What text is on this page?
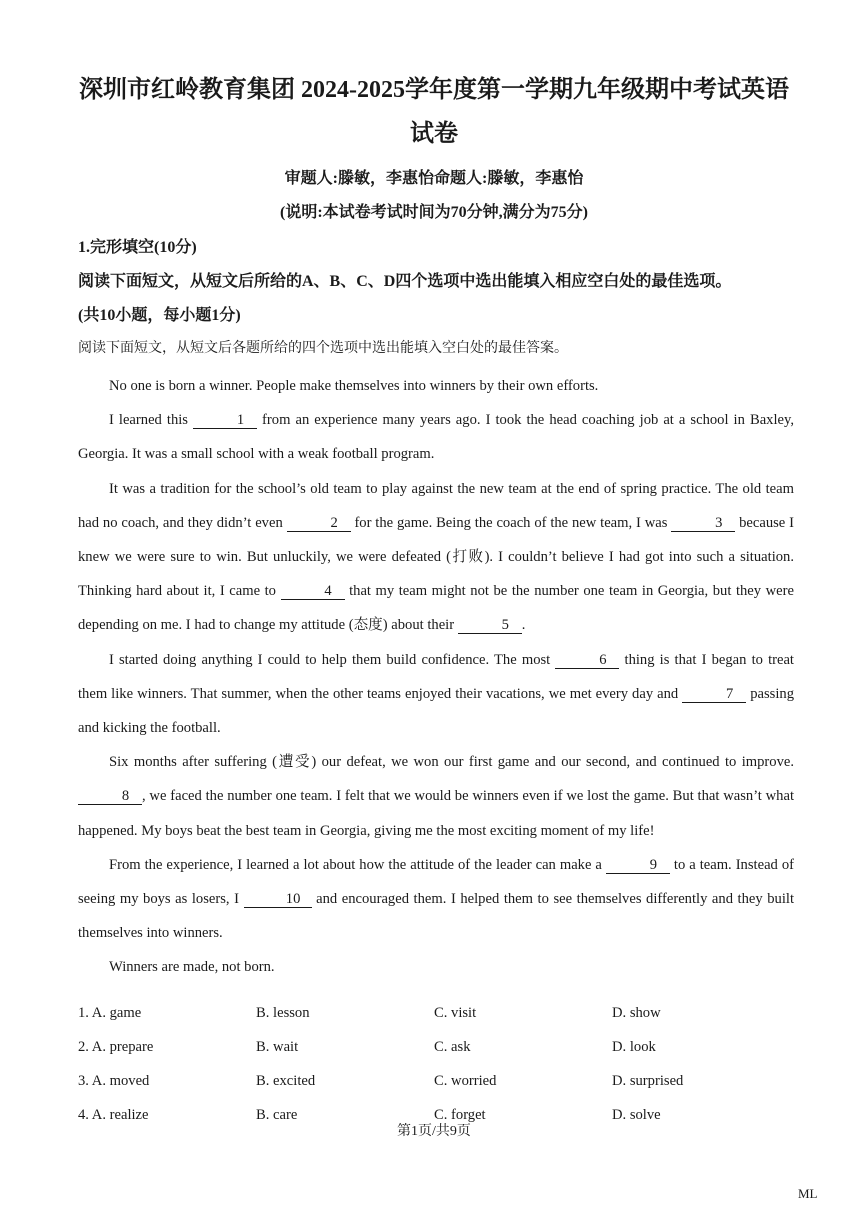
深圳市红岭教育集团 2024-2025学年度第一学期九年级期中考试英语
试卷
审题人:滕敏，李惠怡命题人:滕敏，李惠怡
(说明:本试卷考试时间为70分钟,满分为75分)
1.完形填空(10分)
阅读下面短文，从短文后所给的A、B、C、D四个选项中选出能填入相应空白处的最佳选项。
(共10小题，每小题1分)
阅读下面短文，从短文后各题所给的四个选项中选出能填入空白处的最佳答案。

No one is born a winner. People make themselves into winners by their own efforts.

I learned this	1 from an experience many years ago. I took the head coaching job at a school in Baxley, Georgia. It was a small school with a weak football program.

It was a tradition for the school’s old team to play against the new team at the end of spring practice. The old team had no coach, and they didn’t even	2 for the game. Being the coach of the new team, I was	3 because I knew we were sure to win. But unluckily, we were defeated (打败). I couldn’t believe I had got into such a situation. Thinking hard about it, I came to	4 that my team might not be the number one team in Georgia, but they were depending on me. I had to change my attitude (态度) about their	5 .

I started doing anything I could to help them build confidence. The most	6 thing is that I began to treat them like winners. That summer, when the other teams enjoyed their vacations, we met every day and	7 passing and kicking the football.

Six months after suffering (遭受) our defeat, we won our first game and our second, and continued to improve. 8 , we faced the number one team. I felt that we would be winners even if we lost the game. But that wasn’t what happened. My boys beat the best team in Georgia, giving me the most exciting moment of my life!

From the experience, I learned a lot about how the attitude of the leader can make a	9 to a team. Instead of seeing my boys as losers, I	10 and encouraged them. I helped them to see themselves differently and they built themselves into winners.

Winners are made, not born.

1. A. game	B. lesson	C. visit	D. show
2. A. prepare	B. wait	C. ask	D. look
3. A. moved	B. excited	C. worried	D. surprised
4. A. realize	B. care	C. forget	D. solve
第1页/共9页
ML
